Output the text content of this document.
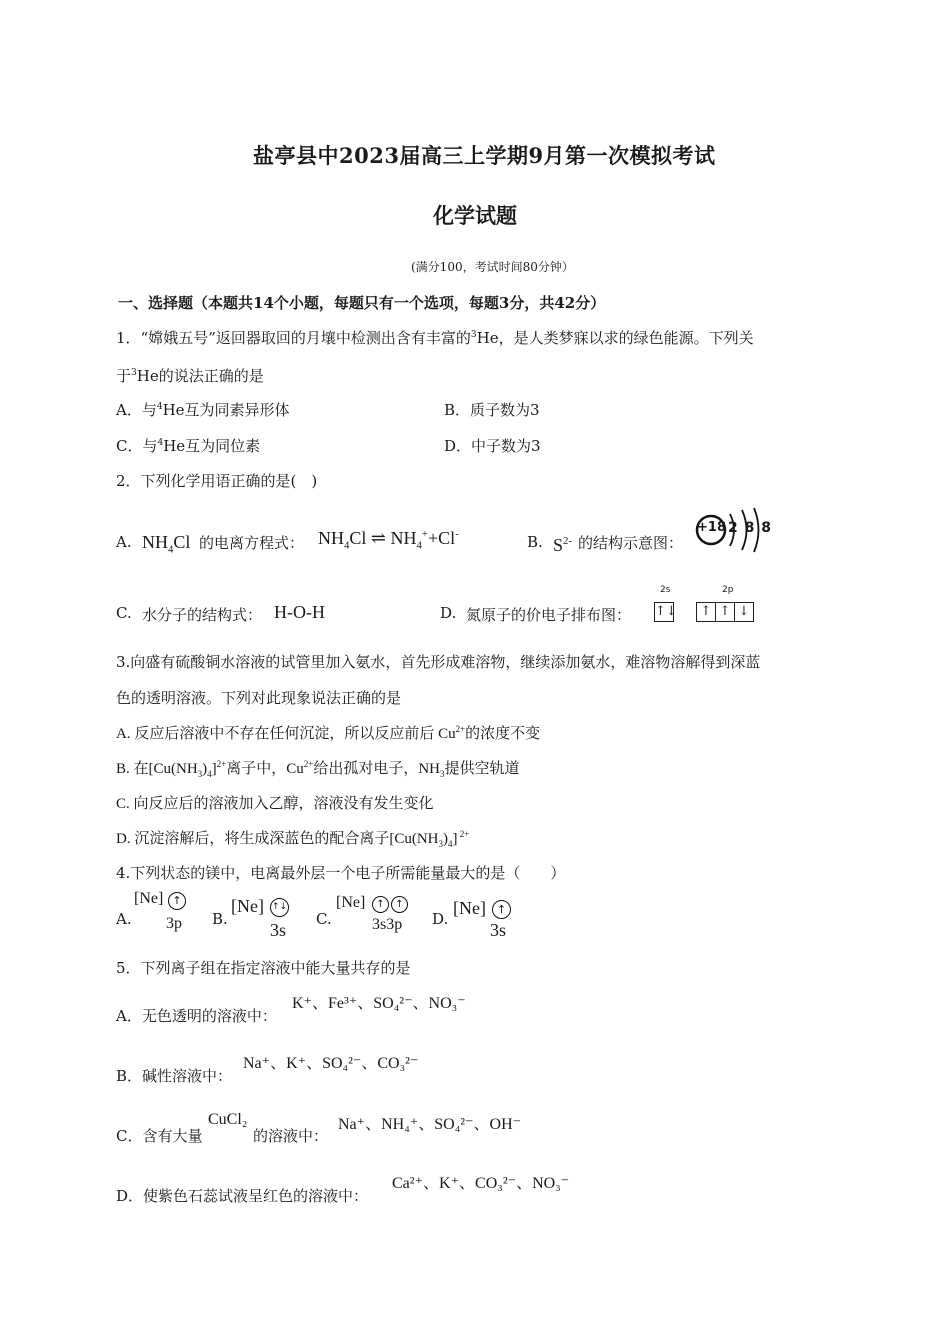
盐亭县中2023届高三上学期9月第一次模拟考试
化学试题
(满分100，考试时间80分钟）
一、选择题（本题共14个小题，每题只有一个选项，每题3分，共42分）
1．“嫦娥五号”返回器取回的月壤中检测出含有丰富的$^3$He，是人类梦寐以求的绿色能源。下列关
于$^3$He的说法正确的是
A．与$^4$He互为同素异形体	B．质子数为3
C．与$^4$He互为同位素	D．中子数为3
2．下列化学用语正确的是(　)
A. $NH_4Cl$ 的电离方程式： $NH_4Cl$ ⇌ $NH_4^++Cl^-$	B. $S^{2-}$ 的结构示意图：
+18 2 8 8
C. 水分子的结构式： H-O-H	D. 氮原子的价电子排布图：
2s	2p
↑↓	↑ ↑ ↓
3.向盛有硫酸铜水溶液的试管里加入氨水，首先形成难溶物，继续添加氨水，难溶物溶解得到深蓝
色的透明溶液。下列对此现象说法正确的是
A. 反应后溶液中不存在任何沉淀，所以反应前后 $Cu^{2+}$的浓度不变
B. 在$[Cu(NH_3)_4]^{2+}$离子中，$Cu^{2+}$给出孤对电子，$NH_3$提供空轨道
C. 向反应后的溶液加入乙醇，溶液没有发生变化
D. 沉淀溶解后，将生成深蓝色的配合离子$[Cu(NH_3)_4]$ $^{2+}$
4.下列状态的镁中，电离最外层一个电子所需能量最大的是（　　）
A.
[Ne] ↑
3p B.
[Ne] ↑↓
3s
C.
[Ne]	↑	↑
3s3p D.
[Ne] ↑
3s
5．下列离子组在指定溶液中能大量共存的是
A．无色透明的溶液中：
K⁺、Fe³⁺、SO₄²⁻、NO₃⁻
B．碱性溶液中：
Na⁺、K⁺、SO₄²⁻、CO₃²⁻
C．含有大量
CuCl₂
的溶液中：
Na⁺、NH₄⁺、SO₄²⁻、OH⁻
D．使紫色石蕊试液呈红色的溶液中：
Ca²⁺、K⁺、CO₃²⁻、NO₃⁻
